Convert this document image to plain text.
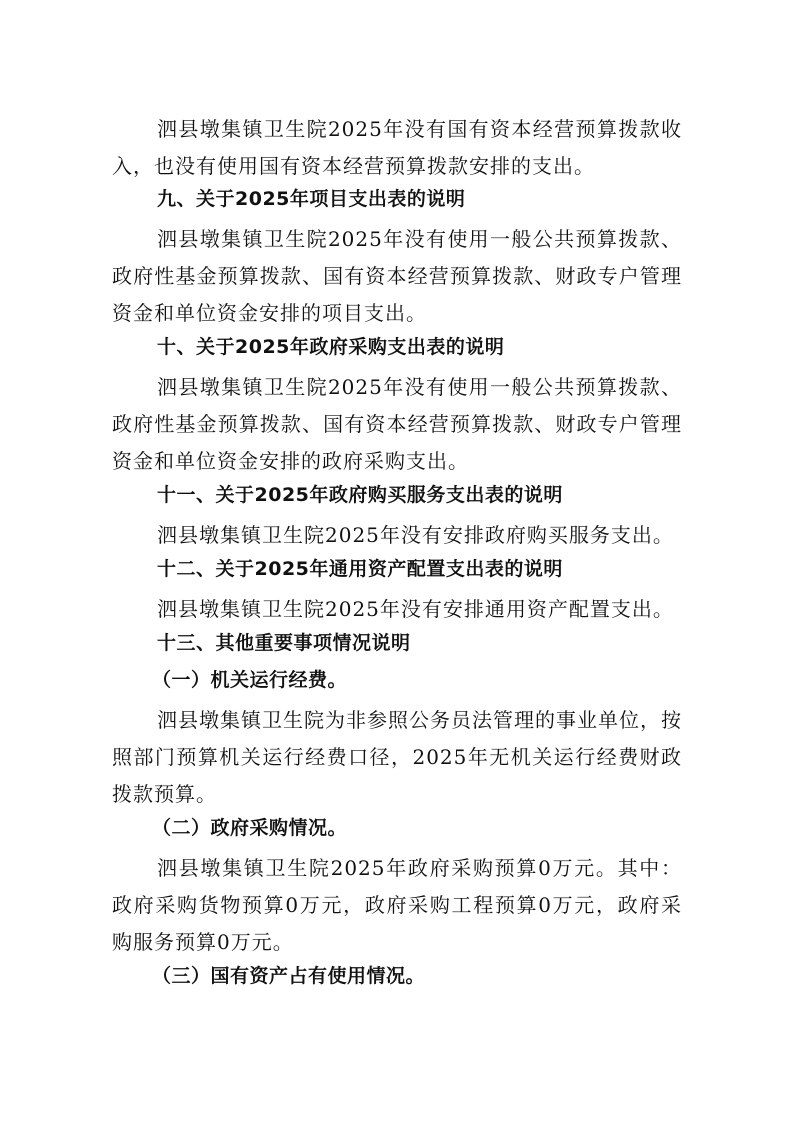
泗县墩集镇卫生院2025年没有国有资本经营预算拨款收入，也没有使用国有资本经营预算拨款安排的支出。

九、关于2025年项目支出表的说明

泗县墩集镇卫生院2025年没有使用一般公共预算拨款、政府性基金预算拨款、国有资本经营预算拨款、财政专户管理资金和单位资金安排的项目支出。

十、关于2025年政府采购支出表的说明

泗县墩集镇卫生院2025年没有使用一般公共预算拨款、政府性基金预算拨款、国有资本经营预算拨款、财政专户管理资金和单位资金安排的政府采购支出。

十一、关于2025年政府购买服务支出表的说明

泗县墩集镇卫生院2025年没有安排政府购买服务支出。

十二、关于2025年通用资产配置支出表的说明

泗县墩集镇卫生院2025年没有安排通用资产配置支出。

十三、其他重要事项情况说明
（一）机关运行经费。

泗县墩集镇卫生院为非参照公务员法管理的事业单位，按照部门预算机关运行经费口径，2025年无机关运行经费财政拨款预算。

（二）政府采购情况。

泗县墩集镇卫生院2025年政府采购预算0万元。其中：政府采购货物预算0万元，政府采购工程预算0万元，政府采购服务预算0万元。

（三）国有资产占有使用情况。
